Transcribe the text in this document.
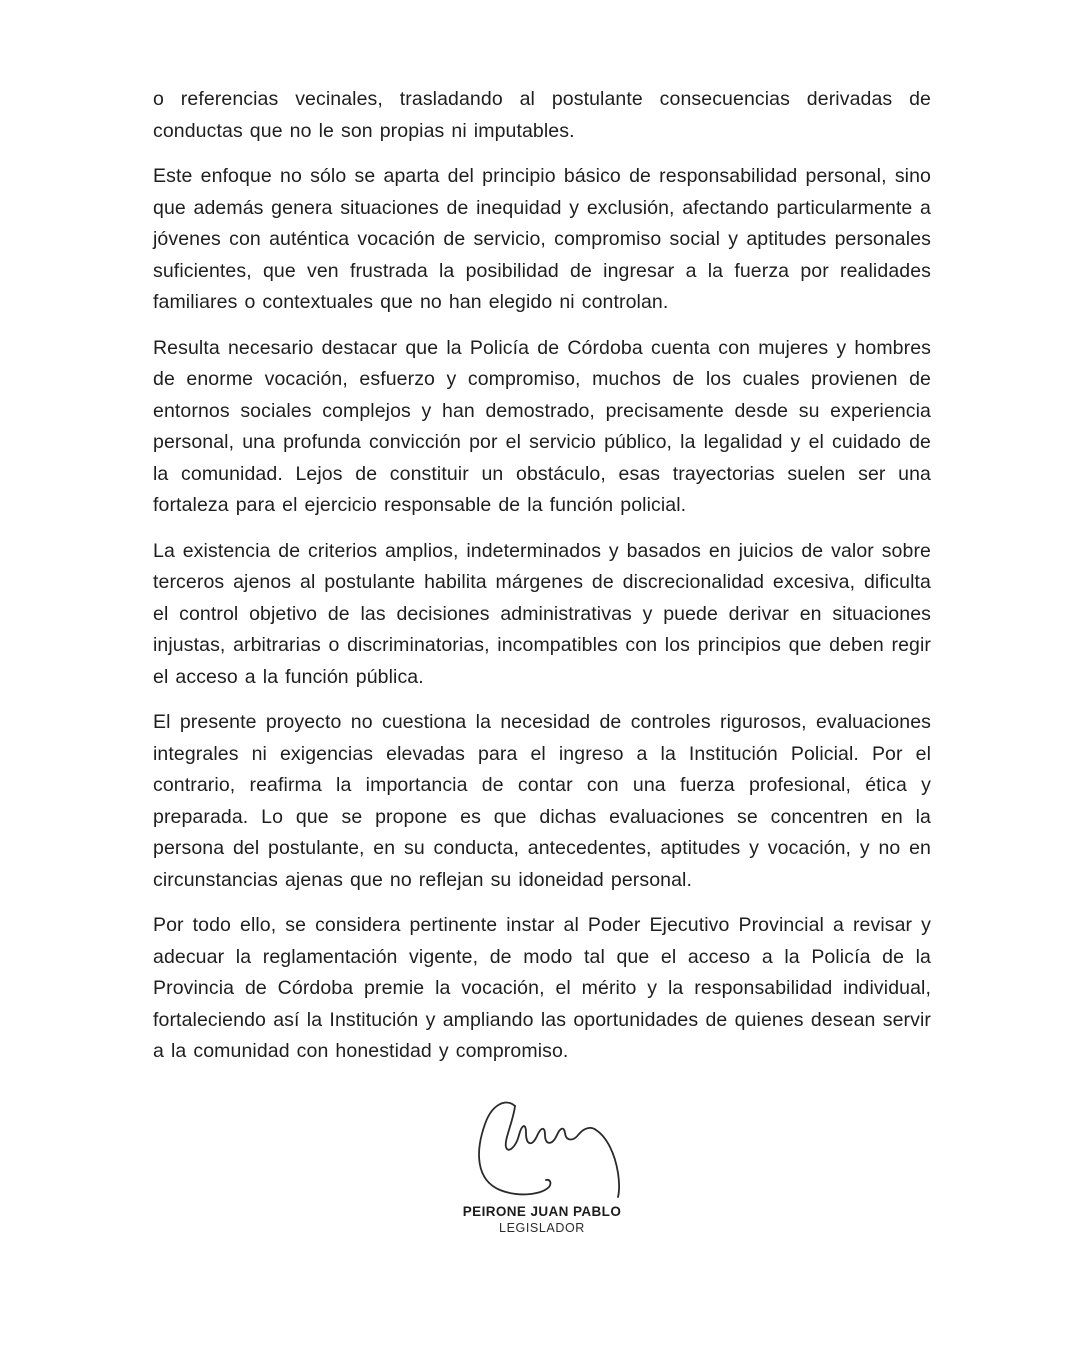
o referencias vecinales, trasladando al postulante consecuencias derivadas de conductas que no le son propias ni imputables.

Este enfoque no sólo se aparta del principio básico de responsabilidad personal, sino que además genera situaciones de inequidad y exclusión, afectando particularmente a jóvenes con auténtica vocación de servicio, compromiso social y aptitudes personales suficientes, que ven frustrada la posibilidad de ingresar a la fuerza por realidades familiares o contextuales que no han elegido ni controlan.

Resulta necesario destacar que la Policía de Córdoba cuenta con mujeres y hombres de enorme vocación, esfuerzo y compromiso, muchos de los cuales provienen de entornos sociales complejos y han demostrado, precisamente desde su experiencia personal, una profunda convicción por el servicio público, la legalidad y el cuidado de la comunidad. Lejos de constituir un obstáculo, esas trayectorias suelen ser una fortaleza para el ejercicio responsable de la función policial.

La existencia de criterios amplios, indeterminados y basados en juicios de valor sobre terceros ajenos al postulante habilita márgenes de discrecionalidad excesiva, dificulta el control objetivo de las decisiones administrativas y puede derivar en situaciones injustas, arbitrarias o discriminatorias, incompatibles con los principios que deben regir el acceso a la función pública.

El presente proyecto no cuestiona la necesidad de controles rigurosos, evaluaciones integrales ni exigencias elevadas para el ingreso a la Institución Policial. Por el contrario, reafirma la importancia de contar con una fuerza profesional, ética y preparada. Lo que se propone es que dichas evaluaciones se concentren en la persona del postulante, en su conducta, antecedentes, aptitudes y vocación, y no en circunstancias ajenas que no reflejan su idoneidad personal.

Por todo ello, se considera pertinente instar al Poder Ejecutivo Provincial a revisar y adecuar la reglamentación vigente, de modo tal que el acceso a la Policía de la Provincia de Córdoba premie la vocación, el mérito y la responsabilidad individual, fortaleciendo así la Institución y ampliando las oportunidades de quienes desean servir a la comunidad con honestidad y compromiso.

PEIRONE JUAN PABLO
LEGISLADOR
